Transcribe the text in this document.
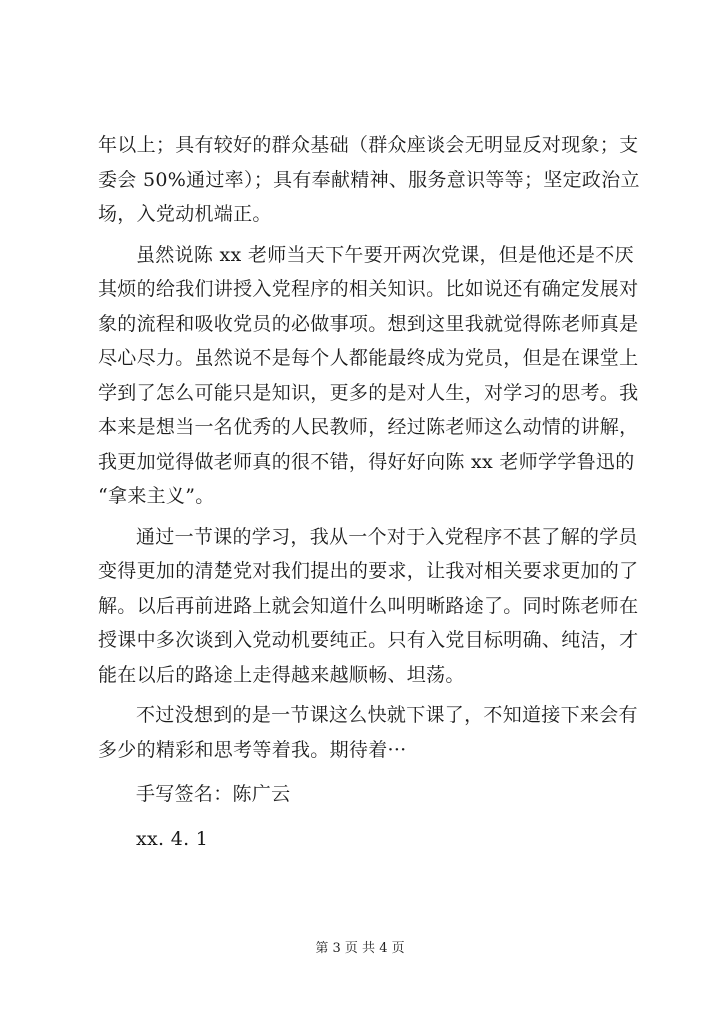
年以上；具有较好的群众基础（群众座谈会无明显反对现象；支
委会 50%通过率）；具有奉献精神、服务意识等等；坚定政治立
场，入党动机端正。
虽然说陈 xx 老师当天下午要开两次党课，但是他还是不厌
其烦的给我们讲授入党程序的相关知识。比如说还有确定发展对
象的流程和吸收党员的必做事项。想到这里我就觉得陈老师真是
尽心尽力。虽然说不是每个人都能最终成为党员，但是在课堂上
学到了怎么可能只是知识，更多的是对人生，对学习的思考。我
本来是想当一名优秀的人民教师，经过陈老师这么动情的讲解，
我更加觉得做老师真的很不错，得好好向陈 xx 老师学学鲁迅的
“拿来主义”。
通过一节课的学习，我从一个对于入党程序不甚了解的学员
变得更加的清楚党对我们提出的要求，让我对相关要求更加的了
解。以后再前进路上就会知道什么叫明晰路途了。同时陈老师在
授课中多次谈到入党动机要纯正。只有入党目标明确、纯洁，才
能在以后的路途上走得越来越顺畅、坦荡。
不过没想到的是一节课这么快就下课了，不知道接下来会有
多少的精彩和思考等着我。期待着···
手写签名：陈广云
xx. 4. 1
第 3 页 共 4 页
